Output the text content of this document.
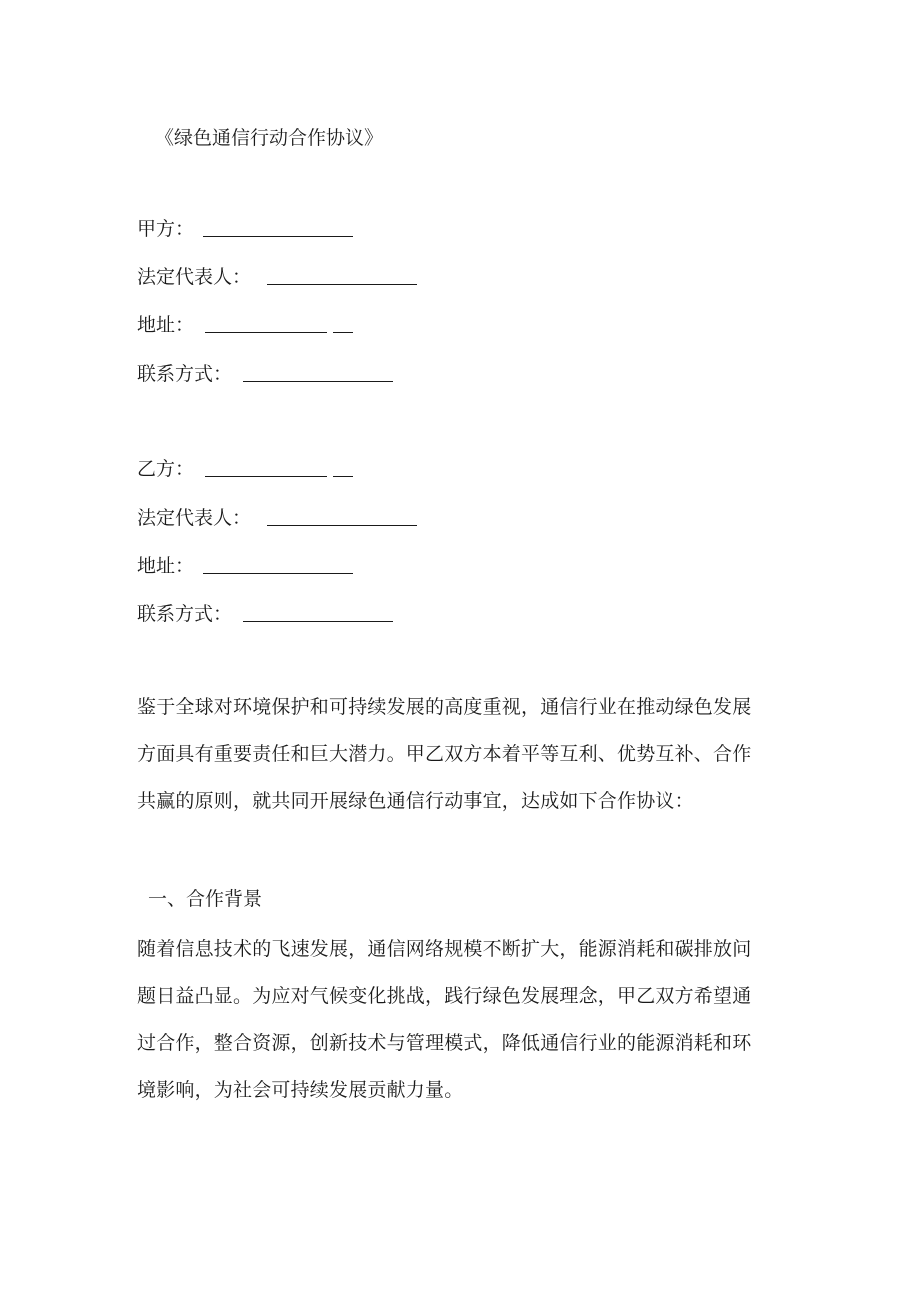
《绿色通信行动合作协议》
甲方：
法定代表人：
地址：
联系方式：
乙方：
法定代表人：
地址：
联系方式：
鉴于全球对环境保护和可持续发展的高度重视，通信行业在推动绿色发展
方面具有重要责任和巨大潜力。甲乙双方本着平等互利、优势互补、合作
共赢的原则，就共同开展绿色通信行动事宜，达成如下合作协议：
一、合作背景
随着信息技术的飞速发展，通信网络规模不断扩大，能源消耗和碳排放问
题日益凸显。为应对气候变化挑战，践行绿色发展理念，甲乙双方希望通
过合作，整合资源，创新技术与管理模式，降低通信行业的能源消耗和环
境影响，为社会可持续发展贡献力量。
